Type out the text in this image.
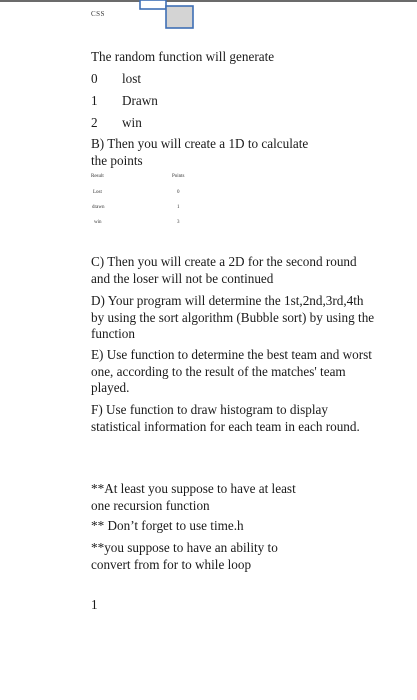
CSS

The random function will generate

0 lost
1 Drawn
2 win

B) Then you will create a 1D to calculate
the points

Result	Points
Lost	0
drawn	1
win	3

C) Then you will create a 2D for the second round
and the loser will not be continued

D) Your program will determine the 1st,2nd,3rd,4th
by using the sort algorithm (Bubble sort) by using the
function

E) Use function to determine the best team and worst
one, according to the result of the matches' team
played.

F) Use function to draw histogram to display
statistical information for each team in each round.

**At least you suppose to have at least
one recursion function

** Don’t forget to use time.h

**you suppose to have an ability to
convert from for to while loop

1
